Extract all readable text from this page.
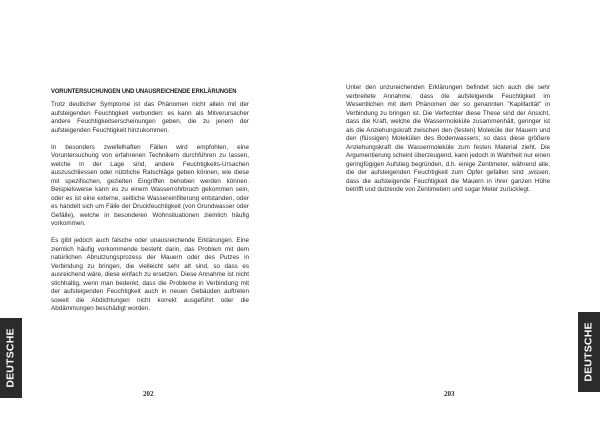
VORUNTERSUCHUNGEN UND UNAUSREICHENDE ERKLÄRUNGEN

Trotz deutlicher Symptome ist das Phänomen nicht allein mit der aufsteigenden Feuchtigkeit verbunden: es kann als Mitverursacher andere Feuchtigkeitserscheinungen geben, die zu jenem der aufsteigenden Feuchtigkeit hinzukommen.

In besonders zweifelhaften Fällen wird empfohlen, eine Voruntersuchung von erfahrenen Technikern durchführen zu lassen, welche in der Lage sind, andere Feuchtigkeits-Ursachen auszuschliessen oder nützliche Ratschläge geben können, wie diese mit spezifischen, gezielten Eingriffen behoben werden können. Beispielsweise kann es zu einem Wasserrohrbruch gekommen sein, oder es ist eine externe, seitliche Wassereinfilterung entstanden, oder es handelt sich um Fälle der Druckfeuchtigkeit (von Grundwasser oder Gefälle), welche in besonderen Wohnsituationen ziemlich häufig vorkommen.

Es gibt jedoch auch falsche oder unausreichende Erklärungen. Eine ziemlich häufig vorkommende besteht darin, das Problem mit dem natürlichen Abnutzungsprozess der Mauern oder des Putzes in Verbindung zu bringen, die vielleicht sehr alt sind, so dass es ausreichend wäre, diese einfach zu ersetzen. Diese Annahme ist nicht stichhaltig, wenn man bedenkt, dass die Probleme in Verbindung mit der aufsteigenden Feuchtigkeit auch in neuen Gebäuden auftreten soweit die Abdichtungen nicht korrekt ausgeführt oder die Abdämmungen beschädigt worden.

202
DEUTSCHE

Unter den unzureichenden Erklärungen befindet sich auch die sehr verbreitete Annahme, dass die aufsteigende Feuchtigkeit im Wesentlichen mit dem Phänomen der so genannten "Kapillarität" in Verbindung zu bringen ist. Die Verfechter diese These sind der Ansicht, dass die Kraft, welche die Wassermoleküle zusammenhält, geringer ist als die Anziehungskraft zwischen den (festen) Moleküle der Mauern und den (flüssigen) Molekülen des Bodenwassers; so dass diese größere Anziehungskraft die Wassermoleküle zum festen Material zieht. Die Argumentierung scheint überzeugend, kann jedoch in Wahrheit nur einen geringfügigen Aufstieg begründen, d.h. einige Zentimeter, während alle, die der aufsteigenden Feuchtigkeit zum Opfer gefallen sind ,wissen, dass die aufsteigende Feuchtigkeit die Mauern in ihrer ganzen Höhe betrifft und dutzende von Zentimetern und sogar Meter zurücklegt.

203
DEUTSCHE
